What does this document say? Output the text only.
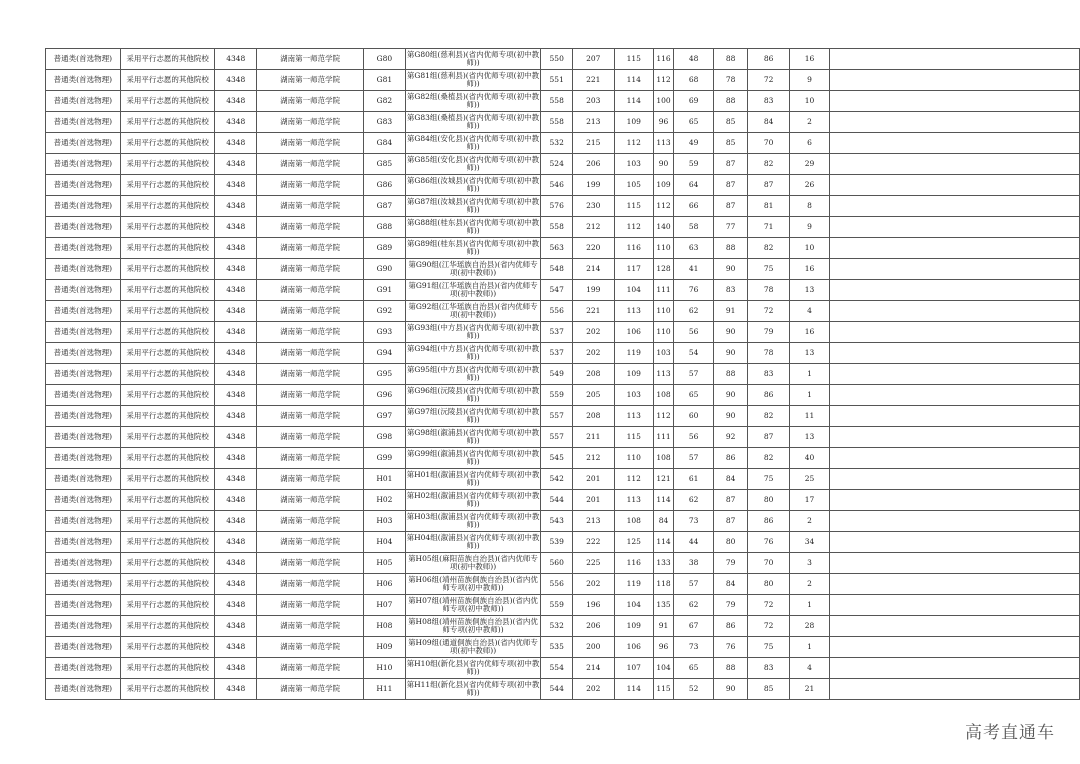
普通类(首选物理)	采用平行志愿的其他院校	4348	湖南第一师范学院	G80	第G80组(慈利县)(省内优师专项(初中教师))	550	207	115	116	48	88	86	16	
普通类(首选物理)	采用平行志愿的其他院校	4348	湖南第一师范学院	G81	第G81组(慈利县)(省内优师专项(初中教师))	551	221	114	112	68	78	72	9	
普通类(首选物理)	采用平行志愿的其他院校	4348	湖南第一师范学院	G82	第G82组(桑植县)(省内优师专项(初中教师))	558	203	114	100	69	88	83	10	
普通类(首选物理)	采用平行志愿的其他院校	4348	湖南第一师范学院	G83	第G83组(桑植县)(省内优师专项(初中教师))	558	213	109	96	65	85	84	2	
普通类(首选物理)	采用平行志愿的其他院校	4348	湖南第一师范学院	G84	第G84组(安化县)(省内优师专项(初中教师))	532	215	112	113	49	85	70	6	
普通类(首选物理)	采用平行志愿的其他院校	4348	湖南第一师范学院	G85	第G85组(安化县)(省内优师专项(初中教师))	524	206	103	90	59	87	82	29	
普通类(首选物理)	采用平行志愿的其他院校	4348	湖南第一师范学院	G86	第G86组(汝城县)(省内优师专项(初中教师))	546	199	105	109	64	87	87	26	
普通类(首选物理)	采用平行志愿的其他院校	4348	湖南第一师范学院	G87	第G87组(汝城县)(省内优师专项(初中教师))	576	230	115	112	66	87	81	8	
普通类(首选物理)	采用平行志愿的其他院校	4348	湖南第一师范学院	G88	第G88组(桂东县)(省内优师专项(初中教师))	558	212	112	140	58	77	71	9	
普通类(首选物理)	采用平行志愿的其他院校	4348	湖南第一师范学院	G89	第G89组(桂东县)(省内优师专项(初中教师))	563	220	116	110	63	88	82	10	
普通类(首选物理)	采用平行志愿的其他院校	4348	湖南第一师范学院	G90	第G90组(江华瑶族自治县)(省内优师专项(初中教师))	548	214	117	128	41	90	75	16	
普通类(首选物理)	采用平行志愿的其他院校	4348	湖南第一师范学院	G91	第G91组(江华瑶族自治县)(省内优师专项(初中教师))	547	199	104	111	76	83	78	13	
普通类(首选物理)	采用平行志愿的其他院校	4348	湖南第一师范学院	G92	第G92组(江华瑶族自治县)(省内优师专项(初中教师))	556	221	113	110	62	91	72	4	
普通类(首选物理)	采用平行志愿的其他院校	4348	湖南第一师范学院	G93	第G93组(中方县)(省内优师专项(初中教师))	537	202	106	110	56	90	79	16	
普通类(首选物理)	采用平行志愿的其他院校	4348	湖南第一师范学院	G94	第G94组(中方县)(省内优师专项(初中教师))	537	202	119	103	54	90	78	13	
普通类(首选物理)	采用平行志愿的其他院校	4348	湖南第一师范学院	G95	第G95组(中方县)(省内优师专项(初中教师))	549	208	109	113	57	88	83	1	
普通类(首选物理)	采用平行志愿的其他院校	4348	湖南第一师范学院	G96	第G96组(沅陵县)(省内优师专项(初中教师))	559	205	103	108	65	90	86	1	
普通类(首选物理)	采用平行志愿的其他院校	4348	湖南第一师范学院	G97	第G97组(沅陵县)(省内优师专项(初中教师))	557	208	113	112	60	90	82	11	
普通类(首选物理)	采用平行志愿的其他院校	4348	湖南第一师范学院	G98	第G98组(溆浦县)(省内优师专项(初中教师))	557	211	115	111	56	92	87	13	
普通类(首选物理)	采用平行志愿的其他院校	4348	湖南第一师范学院	G99	第G99组(溆浦县)(省内优师专项(初中教师))	545	212	110	108	57	86	82	40	
普通类(首选物理)	采用平行志愿的其他院校	4348	湖南第一师范学院	H01	第H01组(溆浦县)(省内优师专项(初中教师))	542	201	112	121	61	84	75	25	
普通类(首选物理)	采用平行志愿的其他院校	4348	湖南第一师范学院	H02	第H02组(溆浦县)(省内优师专项(初中教师))	544	201	113	114	62	87	80	17	
普通类(首选物理)	采用平行志愿的其他院校	4348	湖南第一师范学院	H03	第H03组(溆浦县)(省内优师专项(初中教师))	543	213	108	84	73	87	86	2	
普通类(首选物理)	采用平行志愿的其他院校	4348	湖南第一师范学院	H04	第H04组(溆浦县)(省内优师专项(初中教师))	539	222	125	114	44	80	76	34	
普通类(首选物理)	采用平行志愿的其他院校	4348	湖南第一师范学院	H05	第H05组(麻阳苗族自治县)(省内优师专项(初中教师))	560	225	116	133	38	79	70	3	
普通类(首选物理)	采用平行志愿的其他院校	4348	湖南第一师范学院	H06	第H06组(靖州苗族侗族自治县)(省内优师专项(初中教师))	556	202	119	118	57	84	80	2	
普通类(首选物理)	采用平行志愿的其他院校	4348	湖南第一师范学院	H07	第H07组(靖州苗族侗族自治县)(省内优师专项(初中教师))	559	196	104	135	62	79	72	1	
普通类(首选物理)	采用平行志愿的其他院校	4348	湖南第一师范学院	H08	第H08组(靖州苗族侗族自治县)(省内优师专项(初中教师))	532	206	109	91	67	86	72	28	
普通类(首选物理)	采用平行志愿的其他院校	4348	湖南第一师范学院	H09	第H09组(通道侗族自治县)(省内优师专项(初中教师))	535	200	106	96	73	76	75	1	
普通类(首选物理)	采用平行志愿的其他院校	4348	湖南第一师范学院	H10	第H10组(新化县)(省内优师专项(初中教师))	554	214	107	104	65	88	83	4	
普通类(首选物理)	采用平行志愿的其他院校	4348	湖南第一师范学院	H11	第H11组(新化县)(省内优师专项(初中教师))	544	202	114	115	52	90	85	21	
高考直通车
